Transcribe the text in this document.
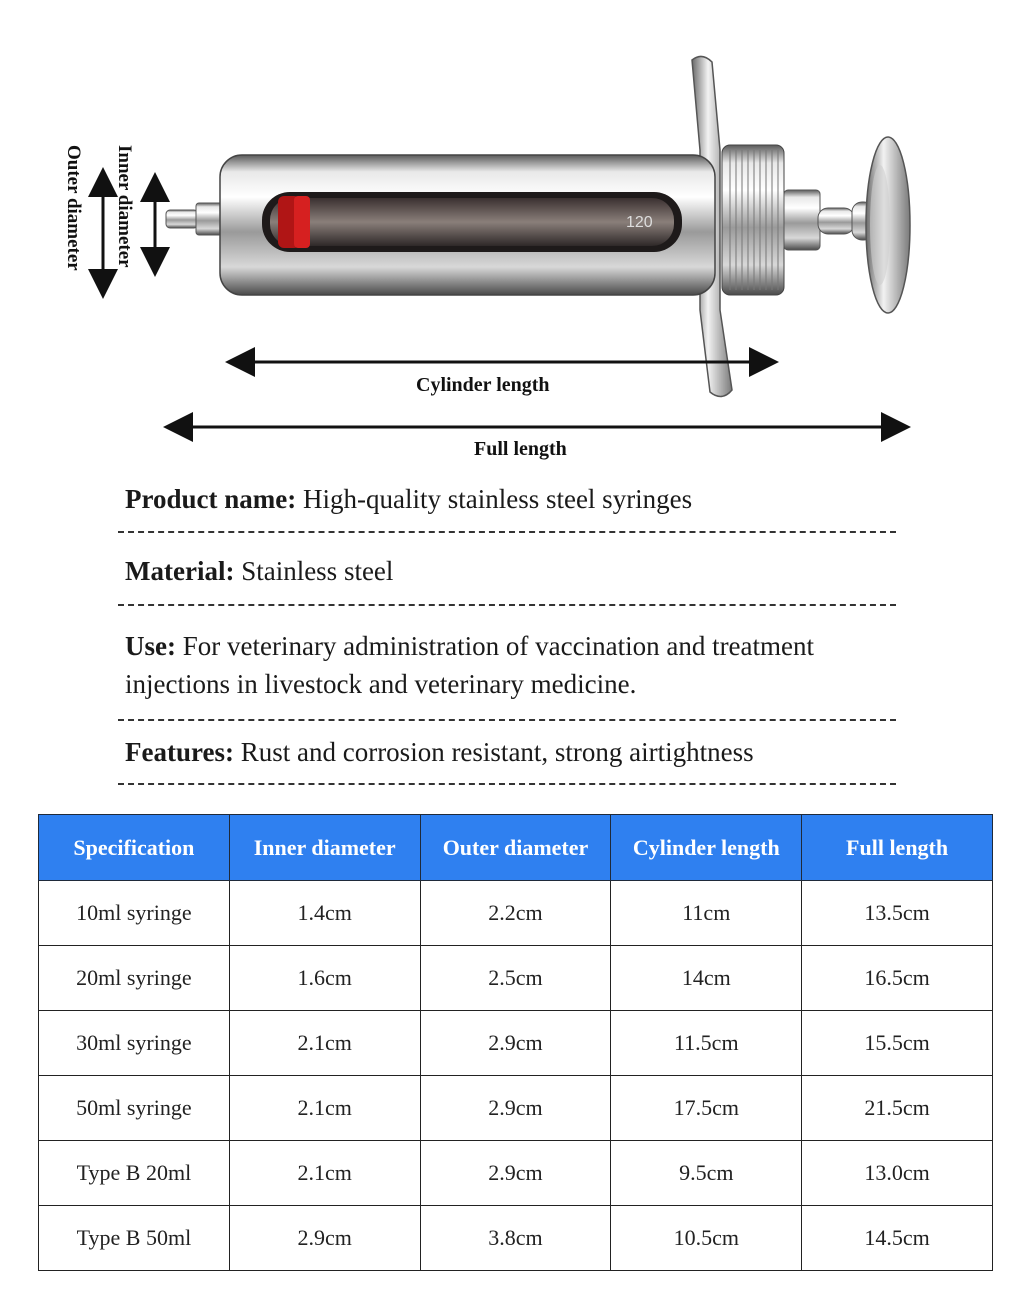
120
Outer diameter Inner diameter
Cylinder length
Full length
Product name: High-quality stainless steel syringes
Material: Stainless steel
Use: For veterinary administration of vaccination and treatment
injections in livestock and veterinary medicine.
Features: Rust and corrosion resistant, strong airtightness
Specification	Inner diameter	Outer diameter	Cylinder length	Full length
10ml syringe	1.4cm	2.2cm	11cm	13.5cm
20ml syringe	1.6cm	2.5cm	14cm	16.5cm
30ml syringe	2.1cm	2.9cm	11.5cm	15.5cm
50ml syringe	2.1cm	2.9cm	17.5cm	21.5cm
Type B 20ml	2.1cm	2.9cm	9.5cm	13.0cm
Type B 50ml	2.9cm	3.8cm	10.5cm	14.5cm
